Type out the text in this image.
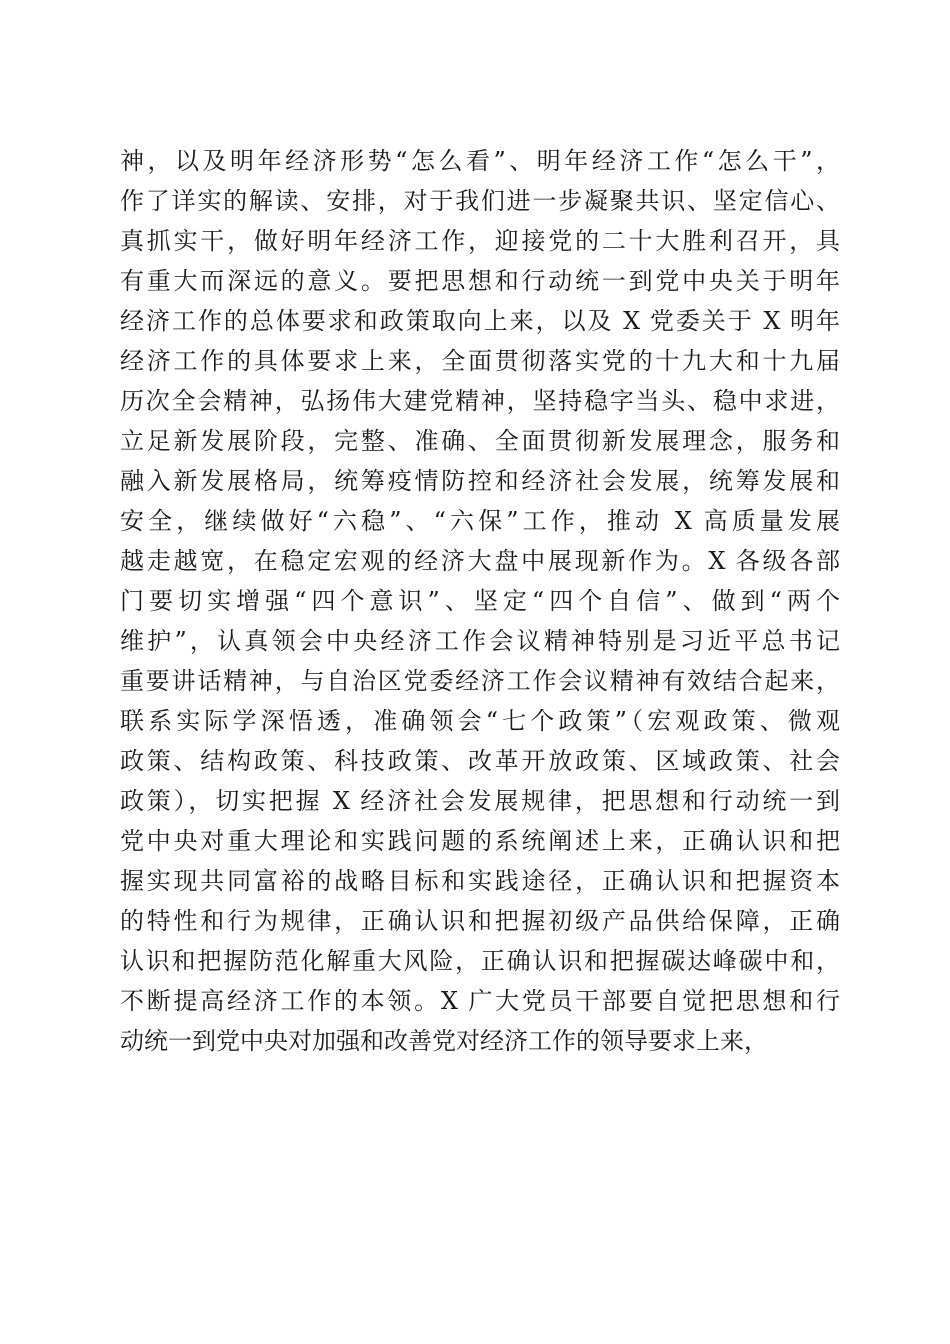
神，以及明年经济形势“怎么看”、明年经济工作“怎么干”，
作了详实的解读、安排，对于我们进一步凝聚共识、坚定信心、
真抓实干，做好明年经济工作，迎接党的二十大胜利召开，具
有重大而深远的意义。要把思想和行动统一到党中央关于明年
经济工作的总体要求和政策取向上来，以及 X 党委关于 X 明年
经济工作的具体要求上来，全面贯彻落实党的十九大和十九届
历次全会精神，弘扬伟大建党精神，坚持稳字当头、稳中求进，
立足新发展阶段，完整、准确、全面贯彻新发展理念，服务和
融入新发展格局，统筹疫情防控和经济社会发展，统筹发展和
安全，继续做好“六稳”、“六保”工作，推动 X 高质量发展
越走越宽，在稳定宏观的经济大盘中展现新作为。X 各级各部
门要切实增强“四个意识”、坚定“四个自信”、做到“两个
维护”，认真领会中央经济工作会议精神特别是习近平总书记
重要讲话精神，与自治区党委经济工作会议精神有效结合起来，
联系实际学深悟透，准确领会“七个政策”（宏观政策、微观
政策、结构政策、科技政策、改革开放政策、区域政策、社会
政策），切实把握 X 经济社会发展规律，把思想和行动统一到
党中央对重大理论和实践问题的系统阐述上来，正确认识和把
握实现共同富裕的战略目标和实践途径，正确认识和把握资本
的特性和行为规律，正确认识和把握初级产品供给保障，正确
认识和把握防范化解重大风险，正确认识和把握碳达峰碳中和，
不断提高经济工作的本领。X 广大党员干部要自觉把思想和行
动统一到党中央对加强和改善党对经济工作的领导要求上来，
